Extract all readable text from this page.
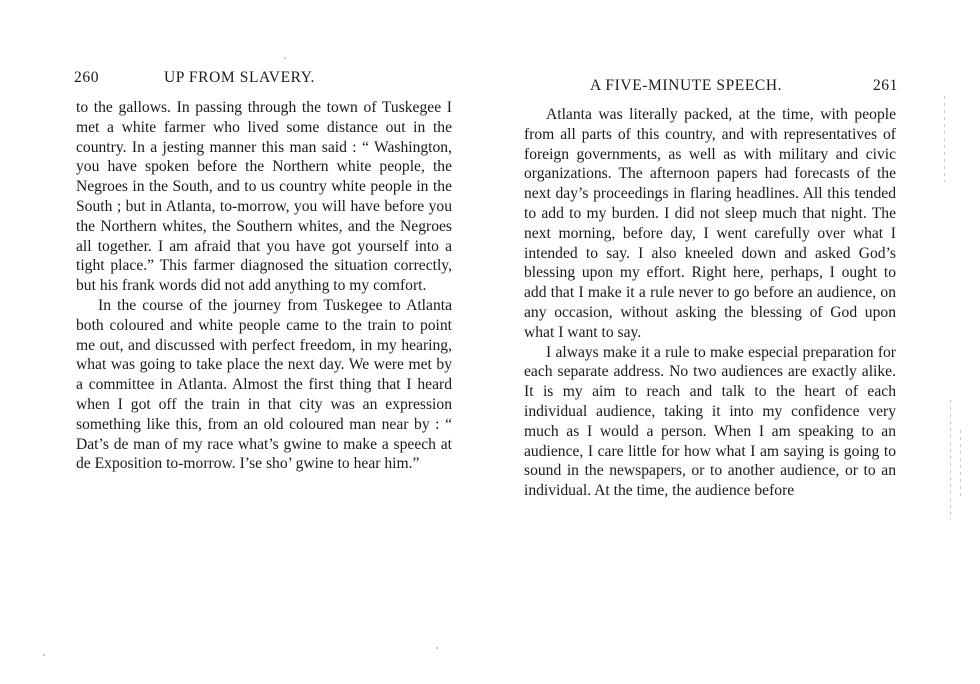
260	UP FROM SLAVERY.

to the gallows. In passing through the town of Tuskegee I met a white farmer who lived some distance out in the country. In a jesting manner this man said : “ Washington, you have spoken before the Northern white people, the Negroes in the South, and to us country white people in the South ; but in Atlanta, to-morrow, you will have before you the Northern whites, the Southern whites, and the Negroes all together. I am afraid that you have got yourself into a tight place.” This farmer diagnosed the situation correctly, but his frank words did not add anything to my comfort.

In the course of the journey from Tuskegee to Atlanta both coloured and white people came to the train to point me out, and discussed with perfect freedom, in my hearing, what was going to take place the next day. We were met by a committee in Atlanta. Almost the first thing that I heard when I got off the train in that city was an expression something like this, from an old coloured man near by : “ Dat’s de man of my race what’s gwine to make a speech at de Exposition to-morrow. I’se sho’ gwine to hear him.”

A FIVE-MINUTE SPEECH.	261

Atlanta was literally packed, at the time, with people from all parts of this country, and with representatives of foreign governments, as well as with military and civic organizations. The afternoon papers had forecasts of the next day’s proceedings in flaring headlines. All this tended to add to my burden. I did not sleep much that night. The next morning, before day, I went carefully over what I intended to say. I also kneeled down and asked God’s blessing upon my effort. Right here, perhaps, I ought to add that I make it a rule never to go before an audience, on any occasion, without asking the blessing of God upon what I want to say.

I always make it a rule to make especial preparation for each separate address. No two audiences are exactly alike. It is my aim to reach and talk to the heart of each individual audience, taking it into my confidence very much as I would a person. When I am speaking to an audience, I care little for how what I am saying is going to sound in the newspapers, or to another audience, or to an individual. At the time, the audience before
